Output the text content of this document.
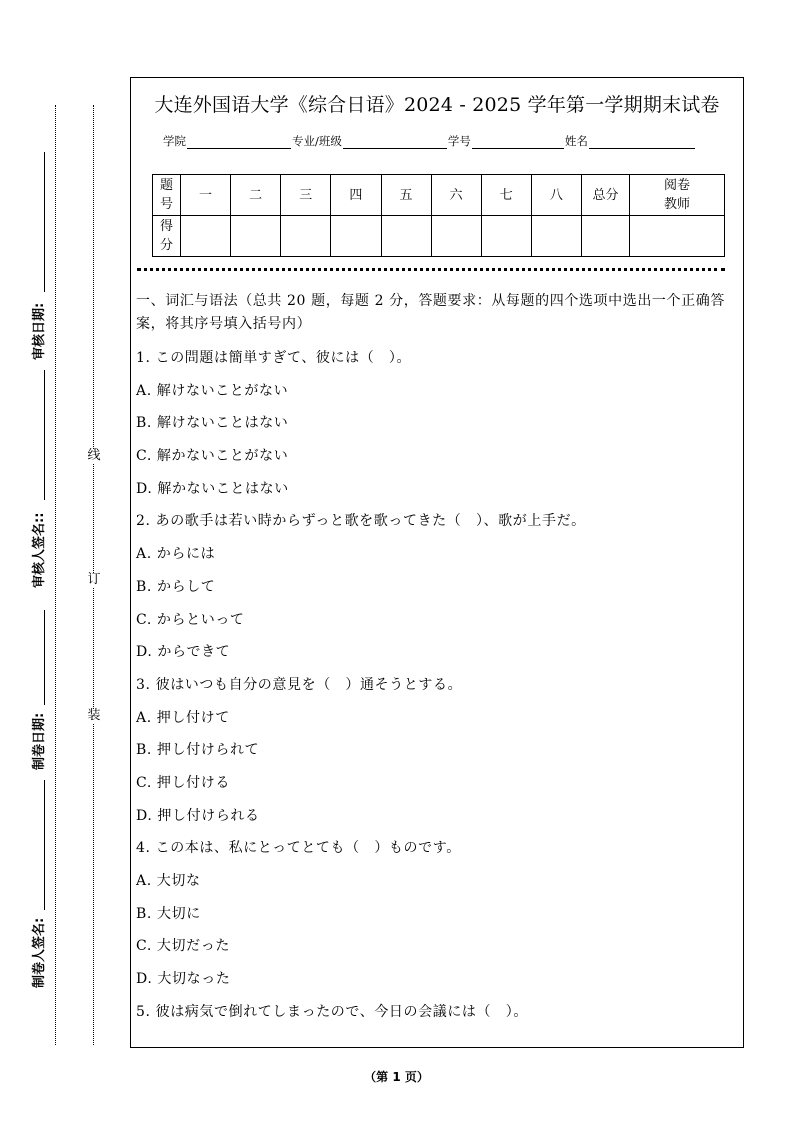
审核日期:
审核人签名::
制卷日期:
制卷人签名:
线
订
装
大连外国语大学《综合日语》2024 - 2025 学年第一学期期末试卷
学院	专业/班级	学号	姓名
题号	一	二	三	四	五	六	七	八	总分	阅卷教师
得分										
一、词汇与语法（总共 20 题，每题 2 分，答题要求：从每题的四个选项中选出一个正确答案，将其序号填入括号内）
1. この問題は簡単すぎて、彼には（　）。
A. 解けないことがない
B. 解けないことはない
C. 解かないことがない
D. 解かないことはない
2. あの歌手は若い時からずっと歌を歌ってきた（　）、歌が上手だ。
A. からには
B. からして
C. からといって
D. からできて
3. 彼はいつも自分の意見を（　）通そうとする。
A. 押し付けて
B. 押し付けられて
C. 押し付ける
D. 押し付けられる
4. この本は、私にとってとても（　）ものです。
A. 大切な
B. 大切に
C. 大切だった
D. 大切なった
5. 彼は病気で倒れてしまったので、今日の会議には（　）。
（第 1 页）
